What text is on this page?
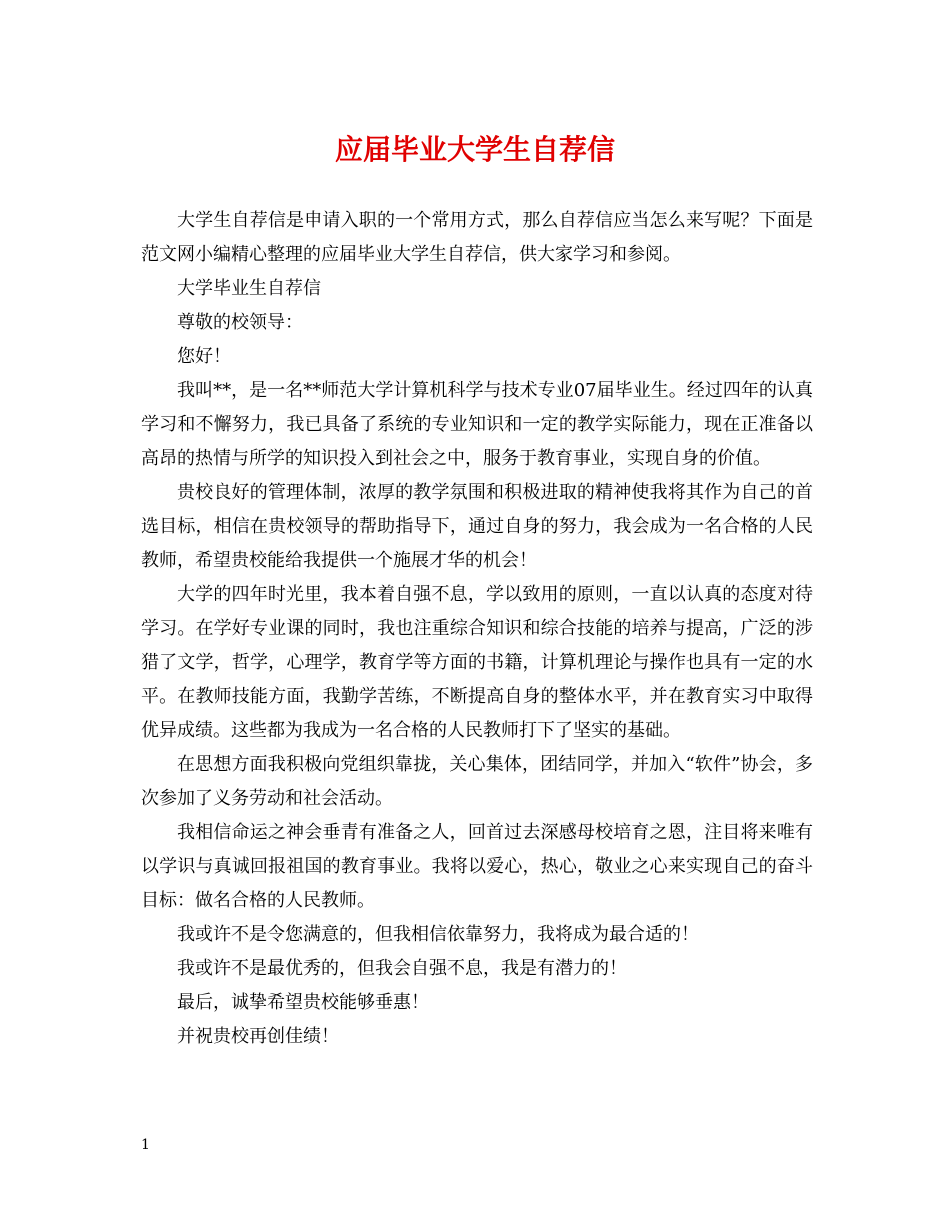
应届毕业大学生自荐信

大学生自荐信是申请入职的一个常用方式，那么自荐信应当怎么来写呢？下面是范文网小编精心整理的应届毕业大学生自荐信，供大家学习和参阅。

大学毕业生自荐信

尊敬的校领导：

您好！

我叫**，是一名**师范大学计算机科学与技术专业07届毕业生。经过四年的认真学习和不懈努力，我已具备了系统的专业知识和一定的教学实际能力，现在正准备以高昂的热情与所学的知识投入到社会之中，服务于教育事业，实现自身的价值。

贵校良好的管理体制，浓厚的教学氛围和积极进取的精神使我将其作为自己的首选目标，相信在贵校领导的帮助指导下，通过自身的努力，我会成为一名合格的人民教师，希望贵校能给我提供一个施展才华的机会！

大学的四年时光里，我本着自强不息，学以致用的原则，一直以认真的态度对待学习。在学好专业课的同时，我也注重综合知识和综合技能的培养与提高，广泛的涉猎了文学，哲学，心理学，教育学等方面的书籍，计算机理论与操作也具有一定的水平。在教师技能方面，我勤学苦练，不断提高自身的整体水平，并在教育实习中取得优异成绩。这些都为我成为一名合格的人民教师打下了坚实的基础。

在思想方面我积极向党组织靠拢，关心集体，团结同学，并加入“软件”协会，多次参加了义务劳动和社会活动。

我相信命运之神会垂青有准备之人，回首过去深感母校培育之恩，注目将来唯有以学识与真诚回报祖国的教育事业。我将以爱心，热心，敬业之心来实现自己的奋斗目标：做名合格的人民教师。

我或许不是令您满意的，但我相信依靠努力，我将成为最合适的！

我或许不是最优秀的，但我会自强不息，我是有潜力的！

最后，诚挚希望贵校能够垂惠！

并祝贵校再创佳绩！

1
